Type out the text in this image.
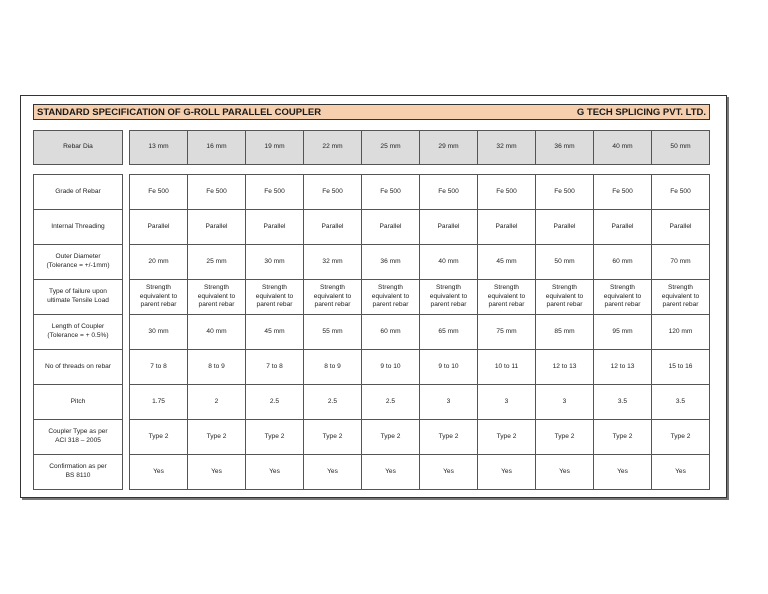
STANDARD SPECIFICATION OF G-ROLL PARALLEL COUPLER	G TECH SPLICING PVT. LTD.
Rebar Dia		13 mm	16 mm	19 mm	22 mm	25 mm	29 mm	32 mm	36 mm	40 mm	50 mm

Grade of Rebar		Fe 500	Fe 500	Fe 500	Fe 500	Fe 500	Fe 500	Fe 500	Fe 500	Fe 500	Fe 500
Internal Threading		Parallel	Parallel	Parallel	Parallel	Parallel	Parallel	Parallel	Parallel	Parallel	Parallel
Outer Diameter
(Tolerance = +/-1mm)		20 mm	25 mm	30 mm	32 mm	36 mm	40 mm	45 mm	50 mm	60 mm	70 mm
Type of failure upon
ultimate Tensile Load		Strength
equivalent to
parent rebar	Strength
equivalent to
parent rebar	Strength
equivalent to
parent rebar	Strength
equivalent to
parent rebar	Strength
equivalent to
parent rebar	Strength
equivalent to
parent rebar	Strength
equivalent to
parent rebar	Strength
equivalent to
parent rebar	Strength
equivalent to
parent rebar	Strength
equivalent to
parent rebar
Length of Coupler
(Tolerance = + 0.5%)		30 mm	40 mm	45 mm	55 mm	60 mm	65 mm	75 mm	85 mm	95 mm	120 mm
No of threads on rebar		7 to 8	8 to 9	7 to 8	8 to 9	9 to 10	9 to 10	10 to 11	12 to 13	12 to 13	15 to 16
Pitch		1.75	2	2.5	2.5	2.5	3	3	3	3.5	3.5
Coupler Type as per
ACI 318 – 2005		Type 2	Type 2	Type 2	Type 2	Type 2	Type 2	Type 2	Type 2	Type 2	Type 2
Confirmation as per
BS 8110		Yes	Yes	Yes	Yes	Yes	Yes	Yes	Yes	Yes	Yes
